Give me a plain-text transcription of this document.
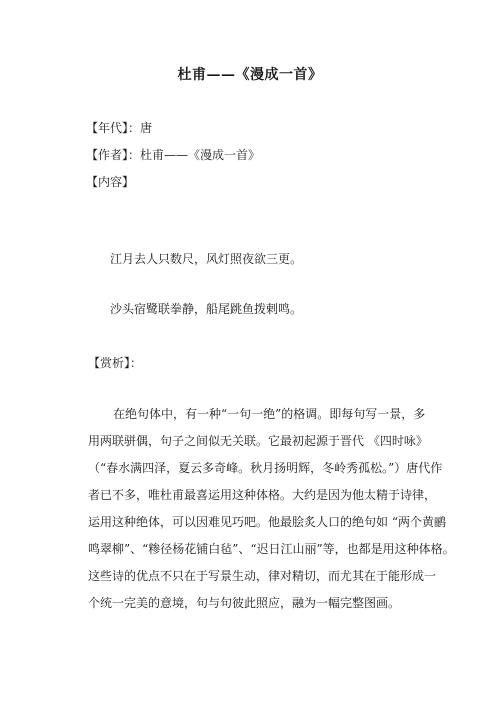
杜甫——《漫成一首》
【年代】：唐
【作者】：杜甫——《漫成一首》
【内容】
江月去人只数尺，风灯照夜欲三更。
沙头宿鹭联拳静，船尾跳鱼拨剌鸣。
【赏析】：
在绝句体中，有一种“一句一绝”的格调。即每句写一景，多
用两联骈偶，句子之间似无关联。它最初起源于晋代 《四时咏》
（“春水满四泽，夏云多奇峰。秋月扬明辉，冬岭秀孤松。”）唐代作
者已不多，唯杜甫最喜运用这种体格。大约是因为他太精于诗律，
运用这种绝体，可以因难见巧吧。他最脍炙人口的绝句如 “两个黄鹂
鸣翠柳”、“糁径杨花铺白毡”、“迟日江山丽”等，也都是用这种体格。
这些诗的优点不只在于写景生动，律对精切，而尤其在于能形成一
个统一完美的意境，句与句彼此照应，融为一幅完整图画。
